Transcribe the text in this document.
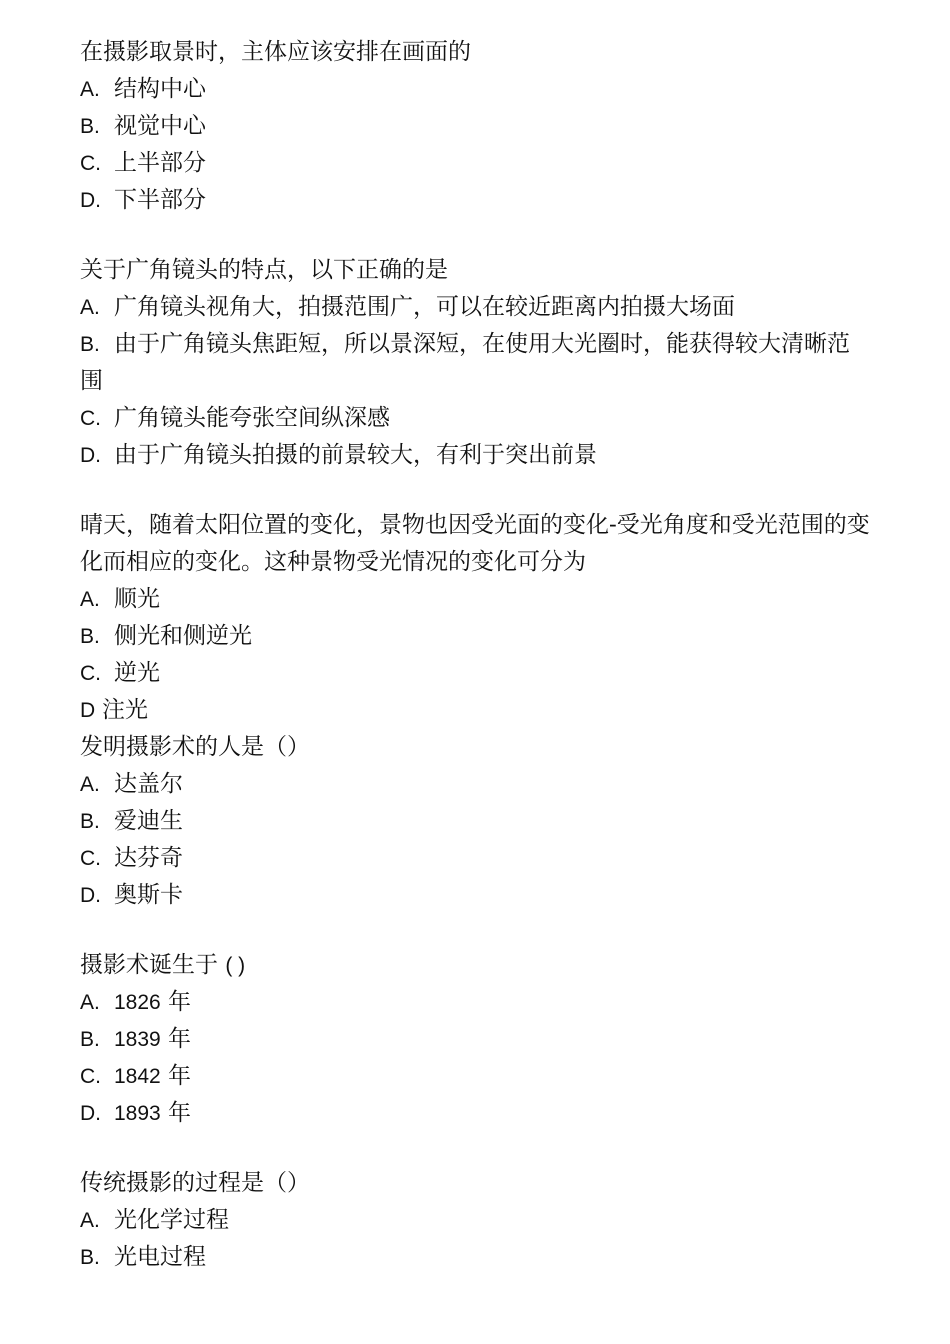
在摄影取景时，主体应该安排在画面的

A. 结构中心

B. 视觉中心

C. 上半部分

D. 下半部分

关于广角镜头的特点，以下正确的是

A. 广角镜头视角大，拍摄范围广，可以在较近距离内拍摄大场面

B. 由于广角镜头焦距短，所以景深短，在使用大光圈时，能获得较大清晰范围

C. 广角镜头能夸张空间纵深感

D. 由于广角镜头拍摄的前景较大，有利于突出前景

晴天，随着太阳位置的变化，景物也因受光面的变化-受光角度和受光范围的变化而相应的变化。这种景物受光情况的变化可分为

A. 顺光

B. 侧光和侧逆光

C. 逆光

D 注光

发明摄影术的人是（）

A. 达盖尔

B. 爱迪生

C. 达芬奇

D. 奥斯卡

摄影术诞生于 ( )

A. 1826 年

B. 1839 年

C. 1842 年

D. 1893 年

传统摄影的过程是（）

A. 光化学过程

B. 光电过程
